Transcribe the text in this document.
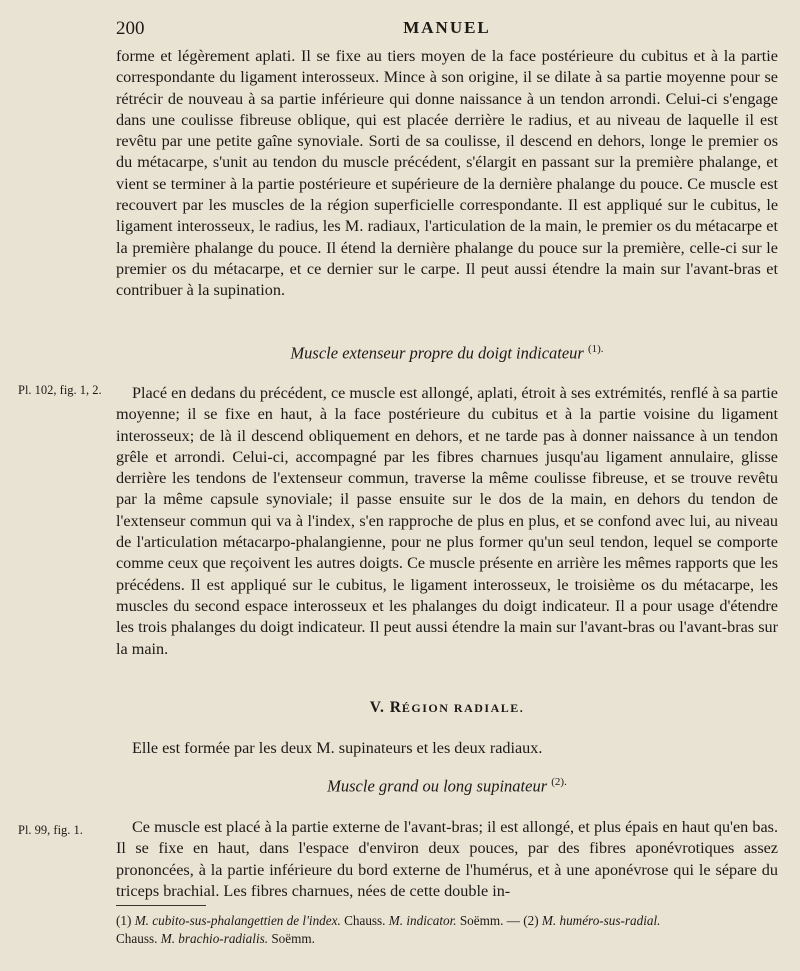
200	MANUEL

forme et légèrement aplati. Il se fixe au tiers moyen de la face postérieure du cubitus et à la partie correspondante du ligament interosseux. Mince à son origine, il se dilate à sa partie moyenne pour se rétrécir de nouveau à sa partie inférieure qui donne naissance à un tendon arrondi. Celui-ci s'engage dans une coulisse fibreuse oblique, qui est placée derrière le radius, et au niveau de laquelle il est revêtu par une petite gaîne synoviale. Sorti de sa coulisse, il descend en dehors, longe le premier os du métacarpe, s'unit au tendon du muscle précédent, s'élargit en passant sur la première phalange, et vient se terminer à la partie postérieure et supérieure de la dernière phalange du pouce. Ce muscle est recouvert par les muscles de la région superficielle correspondante. Il est appliqué sur le cubitus, le ligament interosseux, le radius, les M. radiaux, l'articulation de la main, le premier os du métacarpe et la première phalange du pouce. Il étend la dernière phalange du pouce sur la première, celle-ci sur le premier os du métacarpe, et ce dernier sur le carpe. Il peut aussi étendre la main sur l'avant-bras et contribuer à la supination.

Muscle extenseur propre du doigt indicateur $^{(1).}$
Pl. 102, fig. 1, 2.	Placé en dedans du précédent, ce muscle est allongé, aplati, étroit à ses extrémités, renflé à sa partie moyenne; il se fixe en haut, à la face postérieure du cubitus et à la partie voisine du ligament interosseux; de là il descend obliquement en dehors, et ne tarde pas à donner naissance à un tendon grêle et arrondi. Celui-ci, accompagné par les fibres charnues jusqu'au ligament annulaire, glisse derrière les tendons de l'extenseur commun, traverse la même coulisse fibreuse, et se trouve revêtu par la même capsule synoviale; il passe ensuite sur le dos de la main, en dehors du tendon de l'extenseur commun qui va à l'index, s'en rapproche de plus en plus, et se confond avec lui, au niveau de l'articulation métacarpo-phalangienne, pour ne plus former qu'un seul tendon, lequel se comporte comme ceux que reçoivent les autres doigts. Ce muscle présente en arrière les mêmes rapports que les précédens. Il est appliqué sur le cubitus, le ligament interosseux, le troisième os du métacarpe, les muscles du second espace interosseux et les phalanges du doigt indicateur. Il a pour usage d'étendre les trois phalanges du doigt indicateur. Il peut aussi étendre la main sur l'avant-bras ou l'avant-bras sur la main.

V. RÉGION RADIALE.

Elle est formée par les deux M. supinateurs et les deux radiaux.

Muscle grand ou long supinateur $^{(2).}$
Pl. 99, fig. 1.	Ce muscle est placé à la partie externe de l'avant-bras; il est allongé, et plus épais en haut qu'en bas. Il se fixe en haut, dans l'espace d'environ deux pouces, par des fibres aponévrotiques assez prononcées, à la partie inférieure du bord externe de l'humérus, et à une aponévrose qui le sépare du triceps brachial. Les fibres charnues, nées de cette double in-

(1) M. cubito-sus-phalangettien de l'index. Chauss. M. indicator. Soëmm. — (2) M. huméro-sus-radial.
Chauss. M. brachio-radialis. Soëmm.
